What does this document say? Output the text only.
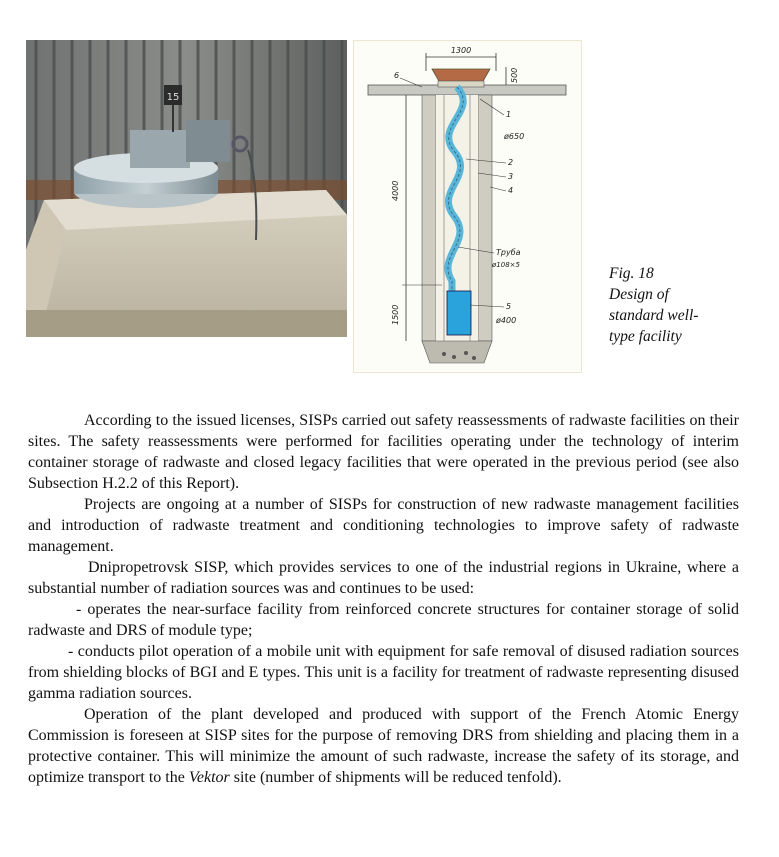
15
1300
500
4000
1500
6
1
ø650
2
3
4
Труба
ø108×5
5
ø400
Fig. 18
Design of
standard well-
type facility

According to the issued licenses, SISPs carried out safety reassessments of radwaste facilities on their sites. The safety reassessments were performed for facilities operating under the technology of interim container storage of radwaste and closed legacy facilities that were operated in the previous period (see also Subsection H.2.2 of this Report).

Projects are ongoing at a number of SISPs for construction of new radwaste management facilities and introduction of radwaste treatment and conditioning technologies to improve safety of radwaste management.

Dnipropetrovsk SISP, which provides services to one of the industrial regions in Ukraine, where a substantial number of radiation sources was and continues to be used:

- operates the near-surface facility from reinforced concrete structures for container storage of solid radwaste and DRS of module type;

- conducts pilot operation of a mobile unit with equipment for safe removal of disused radiation sources from shielding blocks of BGI and E types. This unit is a facility for treatment of radwaste representing disused gamma radiation sources.

Operation of the plant developed and produced with support of the French Atomic Energy Commission is foreseen at SISP sites for the purpose of removing DRS from shielding and placing them in a protective container. This will minimize the amount of such radwaste, increase the safety of its storage, and optimize transport to the Vektor site (number of shipments will be reduced tenfold).
